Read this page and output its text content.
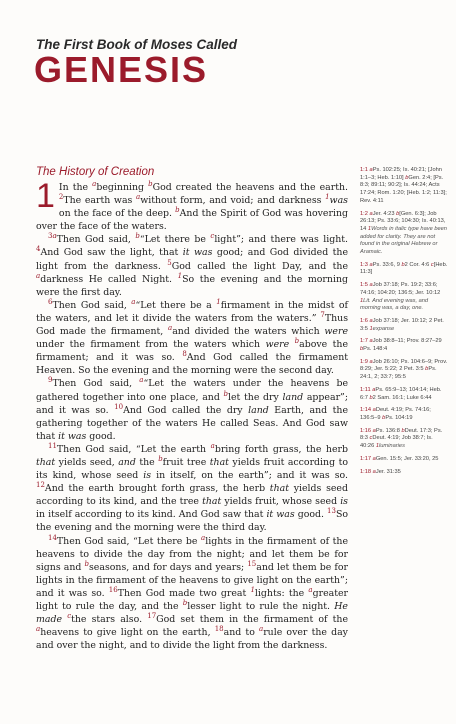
The First Book of Moses Called
GENESIS
The History of Creation

1 In the $^a$beginning $^b$God created the heavens and the earth. $^2$The earth was $^a$without form, and void; and darkness $^1$was on the face of the deep. $^b$And the Spirit of God was hovering over the face of the waters.

$^{3a}$Then God said, $^b$“Let there be $^c$light”; and there was light. $^4$And God saw the light, that it was good; and God divided the light from the darkness. $^5$God called the light Day, and the $^a$darkness He called Night. $^1$So the evening and the morning were the first day.

$^6$Then God said, $^a$“Let there be a $^1$firmament in the midst of the waters, and let it divide the waters from the waters.” $^7$Thus God made the firmament, $^a$and divided the waters which were under the firmament from the waters which were $^b$above the firmament; and it was so. $^8$And God called the firmament Heaven. So the evening and the morning were the second day.

$^9$Then God said, $^a$“Let the waters under the heavens be gathered together into one place, and $^b$let the dry land appear”; and it was so. $^{10}$And God called the dry land Earth, and the gathering together of the waters He called Seas. And God saw that it was good.

$^{11}$Then God said, “Let the earth $^a$bring forth grass, the herb that yields seed, and the $^b$fruit tree that yields fruit according to its kind, whose seed is in itself, on the earth”; and it was so. $^{12}$And the earth brought forth grass, the herb that yields seed according to its kind, and the tree that yields fruit, whose seed is in itself according to its kind. And God saw that it was good. $^{13}$So the evening and the morning were the third day.

$^{14}$Then God said, “Let there be $^a$lights in the firmament of the heavens to divide the day from the night; and let them be for signs and $^b$seasons, and for days and years; $^{15}$and let them be for lights in the firmament of the heavens to give light on the earth”; and it was so. $^{16}$Then God made two great $^1$lights: the $^a$greater light to rule the day, and the $^b$lesser light to rule the night. He made $^c$the stars also. $^{17}$God set them in the firmament of the $^a$heavens to give light on the earth, $^{18}$and to $^a$rule over the day and over the night, and to divide the light from the darkness.

1:1 aPs. 102:25; Is. 40:21; [John 1:1–3; Heb. 1:10] bGen. 2:4; [Ps. 8:3; 89:11; 90:2]; Is. 44:24; Acts 17:24; Rom. 1:20; [Heb. 1:2; 11:3]; Rev. 4:11
1:2 aJer. 4:23 b[Gen. 6:3]; Job 26:13; Ps. 33:6; 104:30; Is. 40:13, 14 1Words in italic type have been added for clarity. They are not found in the original Hebrew or Aramaic.
1:3 aPs. 33:6, 9 b2 Cor. 4:6 c[Heb. 11:3]
1:5 aJob 37:18; Ps. 19:2; 33:6; 74:16; 104:20; 136:5; Jer. 10:12 1Lit. And evening was, and morning was, a day, one.
1:6 aJob 37:18; Jer. 10:12; 2 Pet. 3:5 1expanse
1:7 aJob 38:8–11; Prov. 8:27–29 bPs. 148:4
1:9 aJob 26:10; Ps. 104:6–9; Prov. 8:29; Jer. 5:22; 2 Pet. 3:5 bPs. 24:1, 2; 33:7; 95:5
1:11 aPs. 65:9–13; 104:14; Heb. 6:7 b2 Sam. 16:1; Luke 6:44
1:14 aDeut. 4:19; Ps. 74:16; 136:5–9 bPs. 104:19
1:16 aPs. 136:8 bDeut. 17:3; Ps. 8:3 cDeut. 4:19; Job 38:7; Is. 40:26 1luminaries
1:17 aGen. 15:5; Jer. 33:20, 25
1:18 aJer. 31:35
